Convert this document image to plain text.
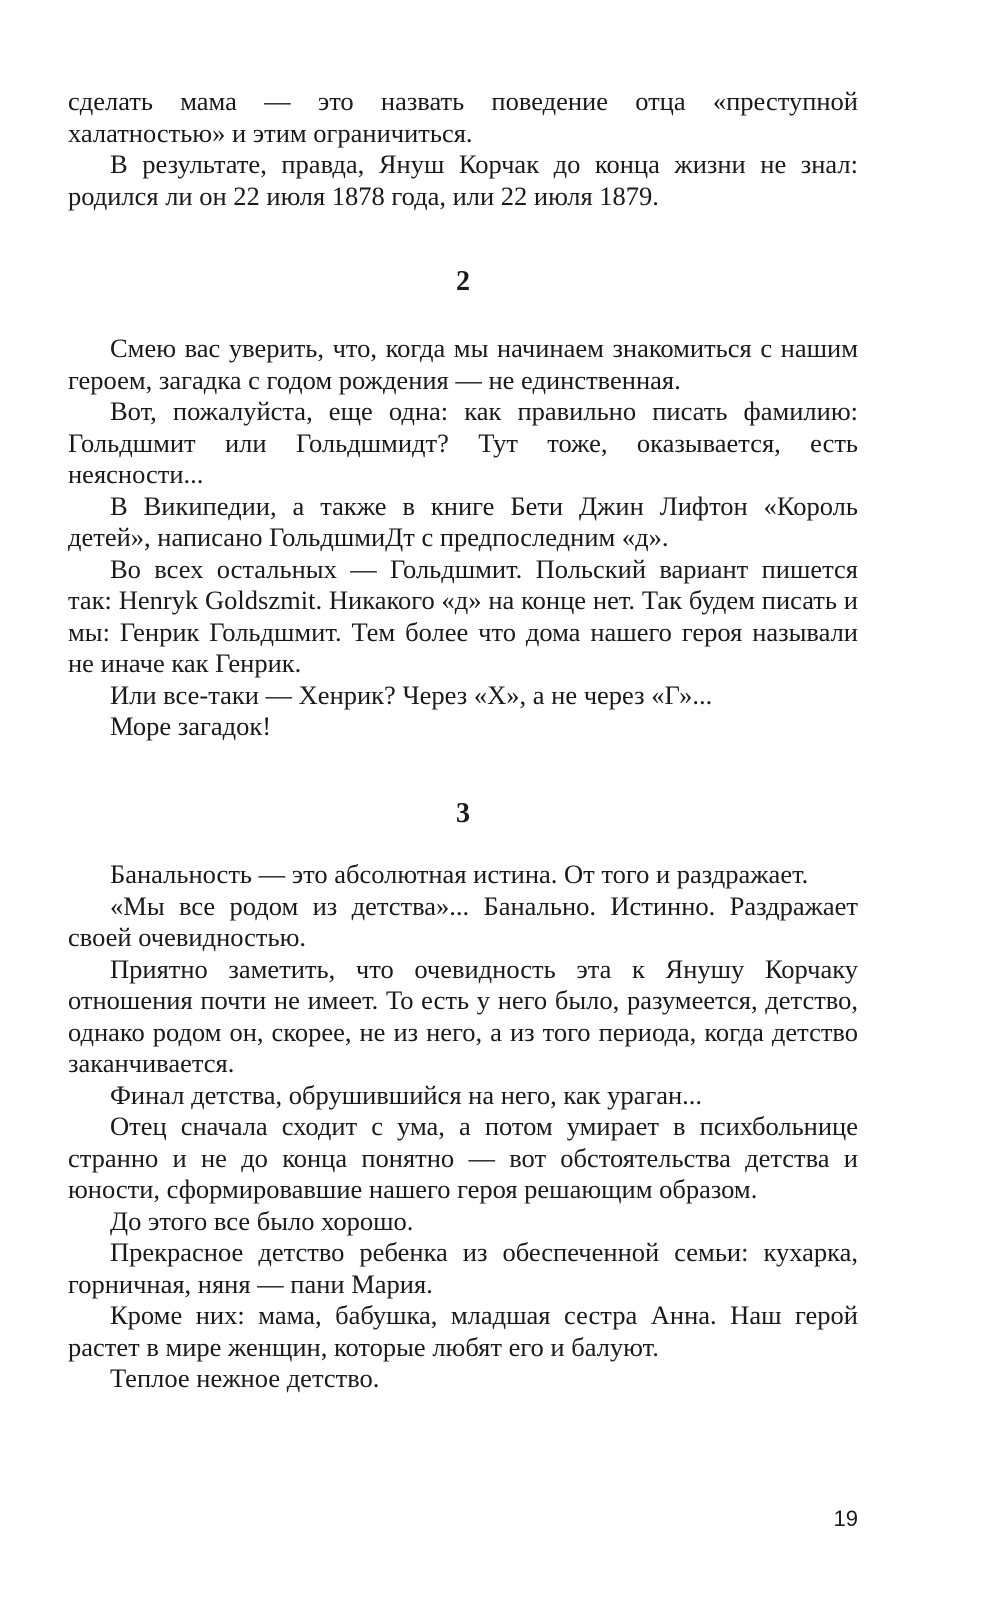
сделать мама — это назвать поведение отца «преступной халатностью» и этим ограничиться.

В результате, правда, Януш Корчак до конца жизни не знал: родился ли он 22 июля 1878 года, или 22 июля 1879.

2

Смею вас уверить, что, когда мы начинаем знакомиться с нашим героем, загадка с годом рождения — не единственная.

Вот, пожалуйста, еще одна: как правильно писать фамилию: Гольдшмит или Гольдшмидт? Тут тоже, оказывается, есть неясности...

В Википедии, а также в книге Бети Джин Лифтон «Король детей», написано ГольдшмиДт с предпоследним «д».

Во всех остальных — Гольдшмит. Польский вариант пишется так: Henryk Goldszmit. Никакого «д» на конце нет. Так будем писать и мы: Генрик Гольдшмит. Тем более что дома нашего героя называли не иначе как Генрик.

Или все-таки — Хенрик? Через «Х», а не через «Г»...

Море загадок!

3

Банальность — это абсолютная истина. От того и раздражает.

«Мы все родом из детства»... Банально. Истинно. Раздражает своей очевидностью.

Приятно заметить, что очевидность эта к Янушу Корчаку отношения почти не имеет. То есть у него было, разумеется, детство, однако родом он, скорее, не из него, а из того периода, когда детство заканчивается.

Финал детства, обрушившийся на него, как ураган...

Отец сначала сходит с ума, а потом умирает в психбольнице странно и не до конца понятно — вот обстоятельства детства и юности, сформировавшие нашего героя решающим образом.

До этого все было хорошо.

Прекрасное детство ребенка из обеспеченной семьи: кухарка, горничная, няня — пани Мария.

Кроме них: мама, бабушка, младшая сестра Анна. Наш герой растет в мире женщин, которые любят его и балуют.

Теплое нежное детство.

19
